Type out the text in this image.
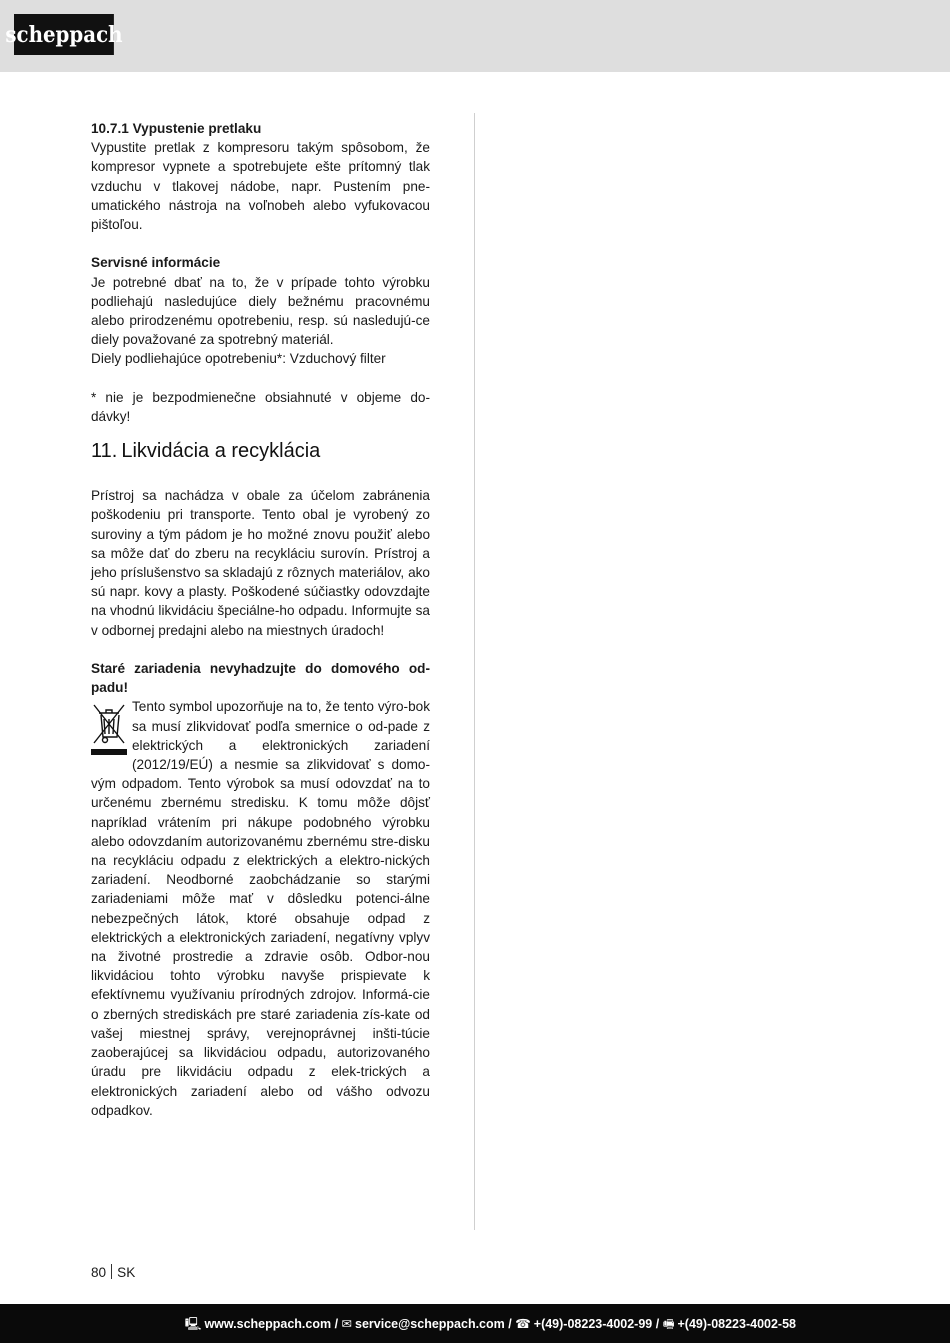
scheppach

10.7.1 Vypustenie pretlaku

Vypustite pretlak z kompresoru takým spôsobom, že kompresor vypnete a spotrebujete ešte prítomný tlak vzduchu v tlakovej nádobe, napr. Pustením pne-umatického nástroja na voľnobeh alebo vyfukovacou pištoľou.

Servisné informácie

Je potrebné dbať na to, že v prípade tohto výrobku podliehajú nasledujúce diely bežnému pracovnému alebo prirodzenému opotrebeniu, resp. sú nasledujú-ce diely považované za spotrebný materiál.

Diely podliehajúce opotrebeniu*: Vzduchový filter

* nie je bezpodmienečne obsiahnuté v objeme do-dávky!

11. Likvidácia a recyklácia

Prístroj sa nachádza v obale za účelom zabránenia poškodeniu pri transporte. Tento obal je vyrobený zo suroviny a tým pádom je ho možné znovu použiť alebo sa môže dať do zberu na recykláciu surovín. Prístroj a jeho príslušenstvo sa skladajú z rôznych materiálov, ako sú napr. kovy a plasty. Poškodené súčiastky odovzdajte na vhodnú likvidáciu špeciálne-ho odpadu. Informujte sa v odbornej predajni alebo na miestnych úradoch!

Staré zariadenia nevyhadzujte do domového od-padu!

Tento symbol upozorňuje na to, že tento výro-bok sa musí zlikvidovať podľa smernice o od-pade z elektrických a elektronických zariadení (2012/19/EÚ) a nesmie sa zlikvidovať s domo-vým odpadom. Tento výrobok sa musí odovzdať na to určenému zbernému stredisku. K tomu môže dôjsť napríklad vrátením pri nákupe podobného výrobku alebo odovzdaním autorizovanému zbernému stre-disku na recykláciu odpadu z elektrických a elektro-nických zariadení. Neodborné zaobchádzanie so starými zariadeniami môže mať v dôsledku potenci-álne nebezpečných látok, ktoré obsahuje odpad z elektrických a elektronických zariadení, negatívny vplyv na životné prostredie a zdravie osôb. Odbor-nou likvidáciou tohto výrobku navyše prispievate k efektívnemu využívaniu prírodných zdrojov. Informá-cie o zberných strediskách pre staré zariadenia zís-kate od vašej miestnej správy, verejnoprávnej inšti-túcie zaoberajúcej sa likvidáciou odpadu, autorizovaného úradu pre likvidáciu odpadu z elek-trických a elektronických zariadení alebo od vášho odvozu odpadkov.

80 SK
🖳 www.scheppach.com / ✉ service@scheppach.com / ☎ +(49)-08223-4002-99 / 🖷 +(49)-08223-4002-58
